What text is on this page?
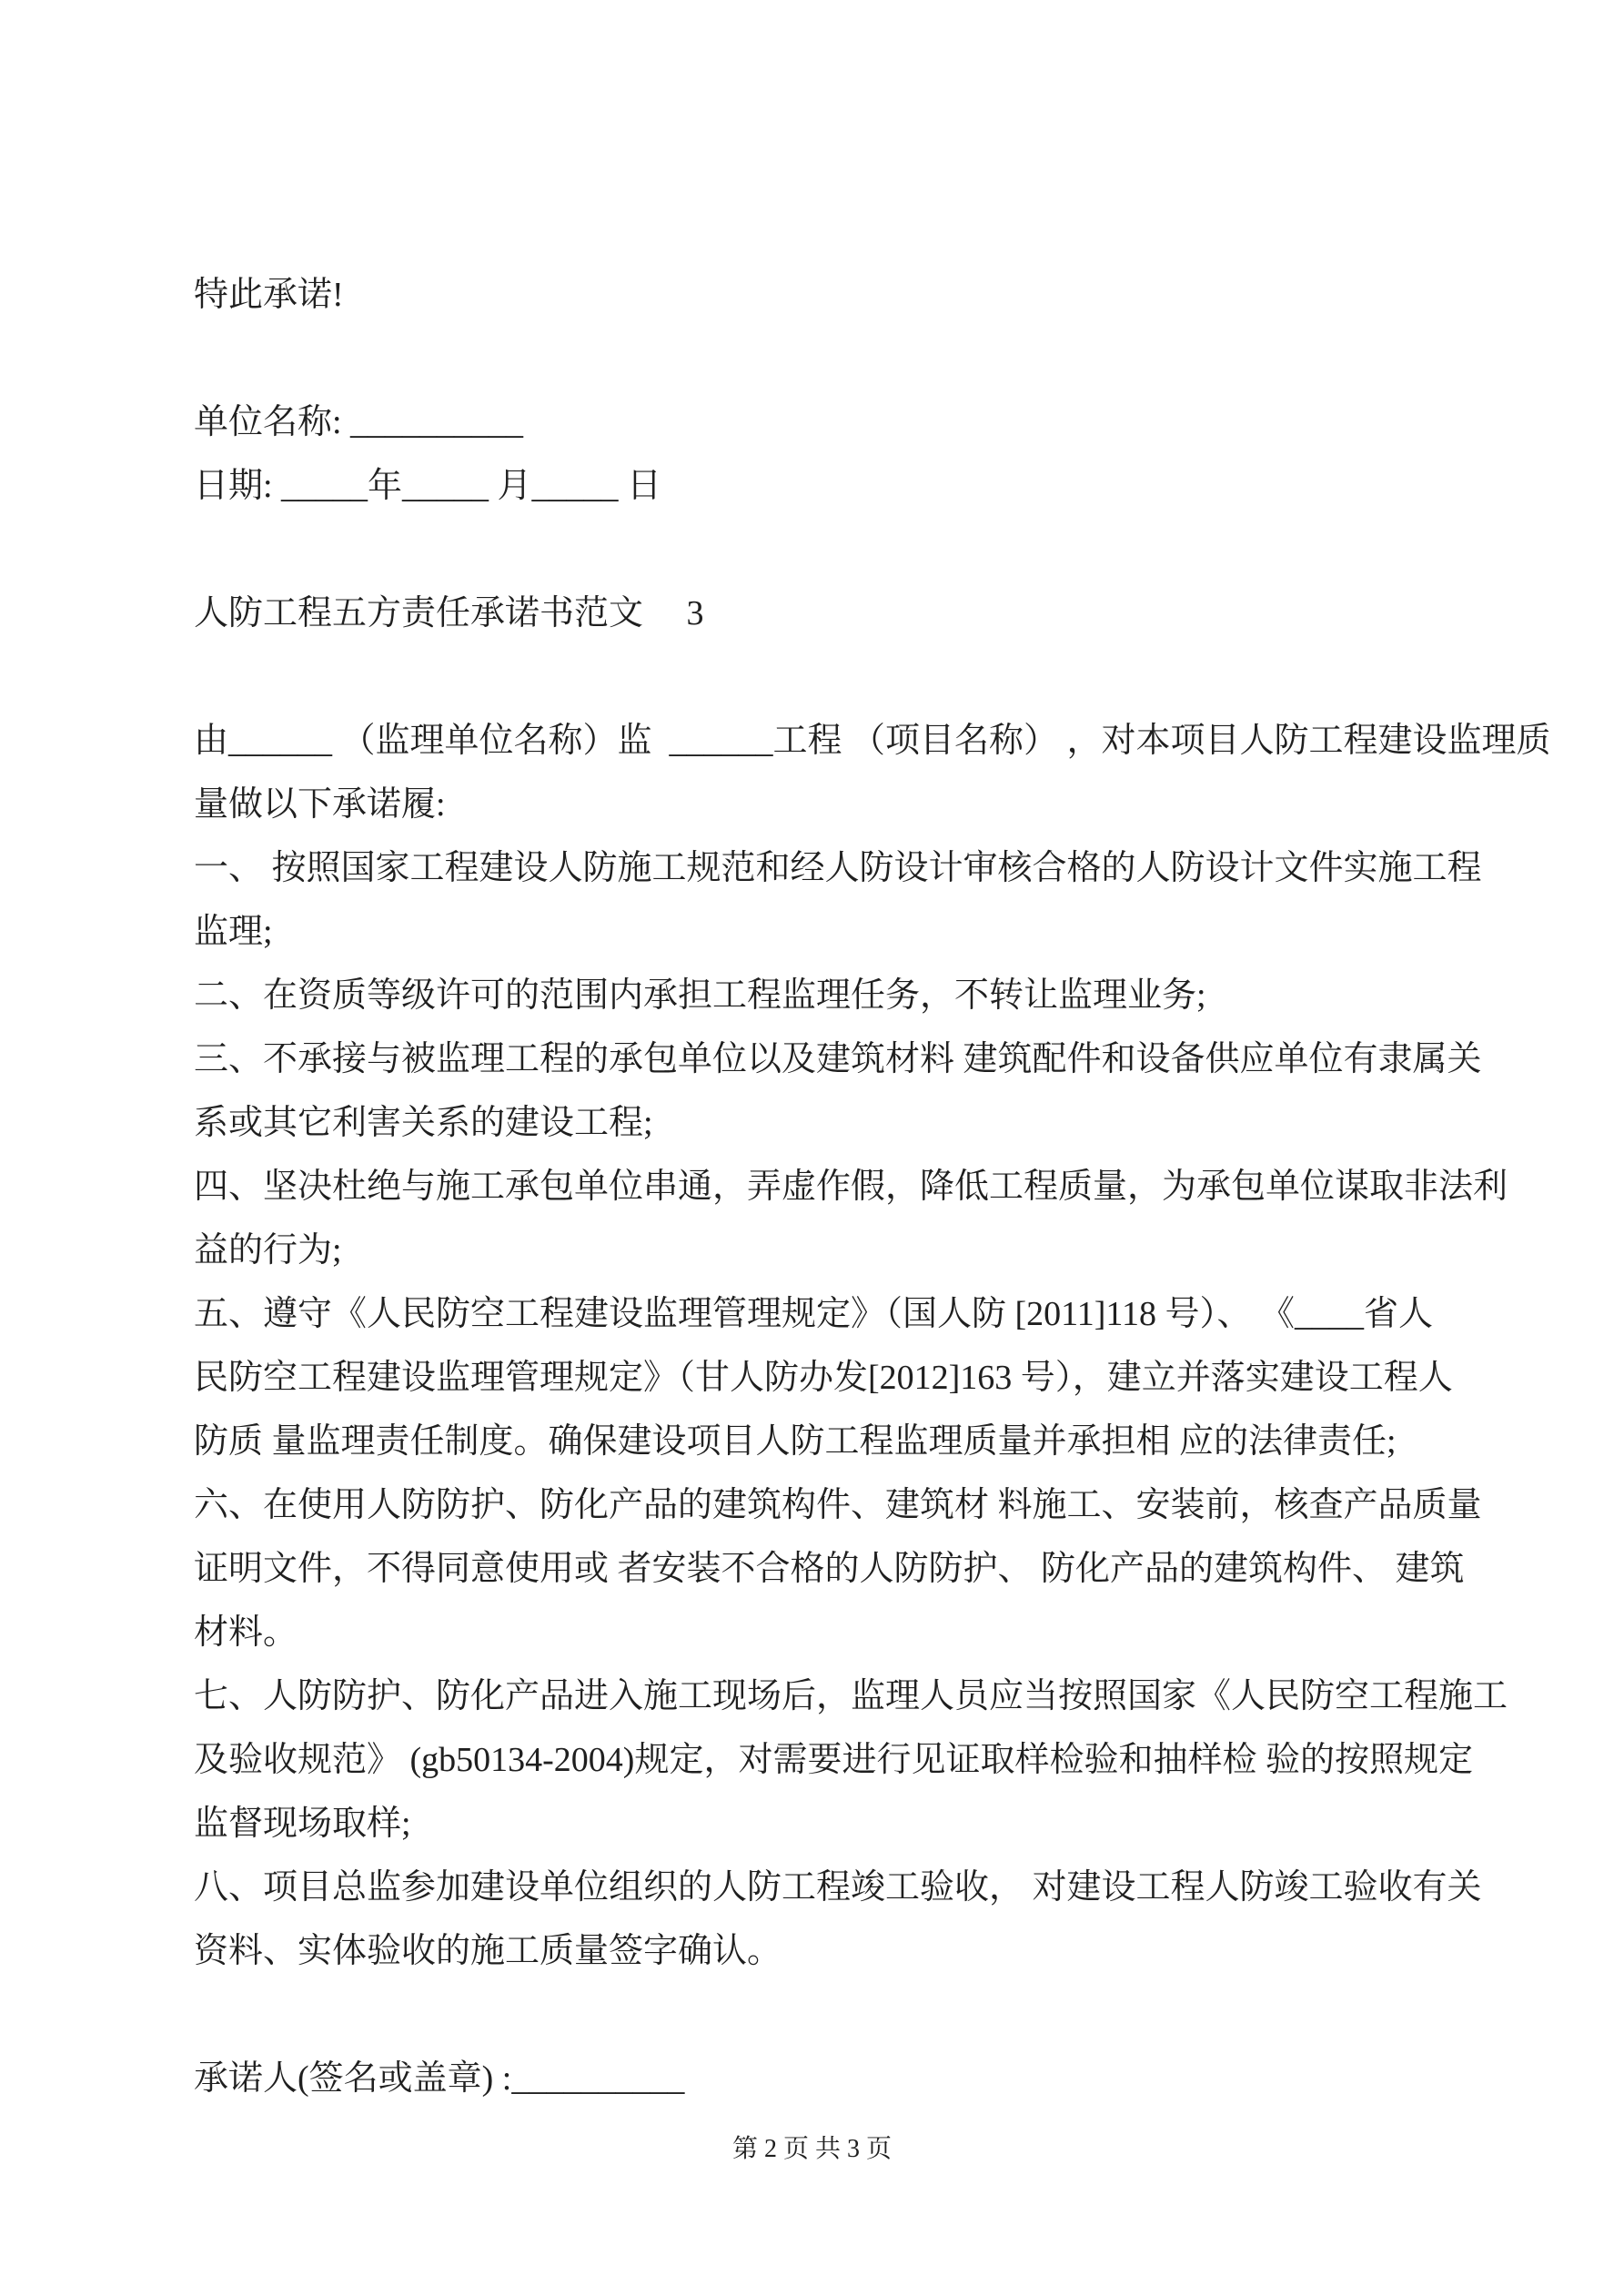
特此承诺!
单位名称: __________
日期: _____年_____ 月_____ 日
人防工程五方责任承诺书范文　 3
由______ （监理单位名称）监  ______工程 （项目名称） ，对本项目人防工程建设监理质
量做以下承诺履:
一、 按照国家工程建设人防施工规范和经人防设计审核合格的人防设计文件实施工程
监理;
二、在资质等级许可的范围内承担工程监理任务，不转让监理业务;
三、不承接与被监理工程的承包单位以及建筑材料 建筑配件和设备供应单位有隶属关
系或其它利害关系的建设工程;
四、坚决杜绝与施工承包单位串通，弄虚作假，降低工程质量，为承包单位谋取非法利
益的行为;
五、遵守《人民防空工程建设监理管理规定》（国人防 [2011]118 号）、 《____省人
民防空工程建设监理管理规定》（甘人防办发[2012]163 号），建立并落实建设工程人
防质 量监理责任制度。确保建设项目人防工程监理质量并承担相 应的法律责任;
六、在使用人防防护、防化产品的建筑构件、建筑材 料施工、安装前，核查产品质量
证明文件，不得同意使用或 者安装不合格的人防防护、 防化产品的建筑构件、 建筑
材料。
七、人防防护、防化产品进入施工现场后，监理人员应当按照国家《人民防空工程施工
及验收规范》 (gb50134-2004)规定，对需要进行见证取样检验和抽样检 验的按照规定
监督现场取样;
八、项目总监参加建设单位组织的人防工程竣工验收， 对建设工程人防竣工验收有关
资料、实体验收的施工质量签字确认。
承诺人(签名或盖章) :__________
第 2 页 共 3 页
